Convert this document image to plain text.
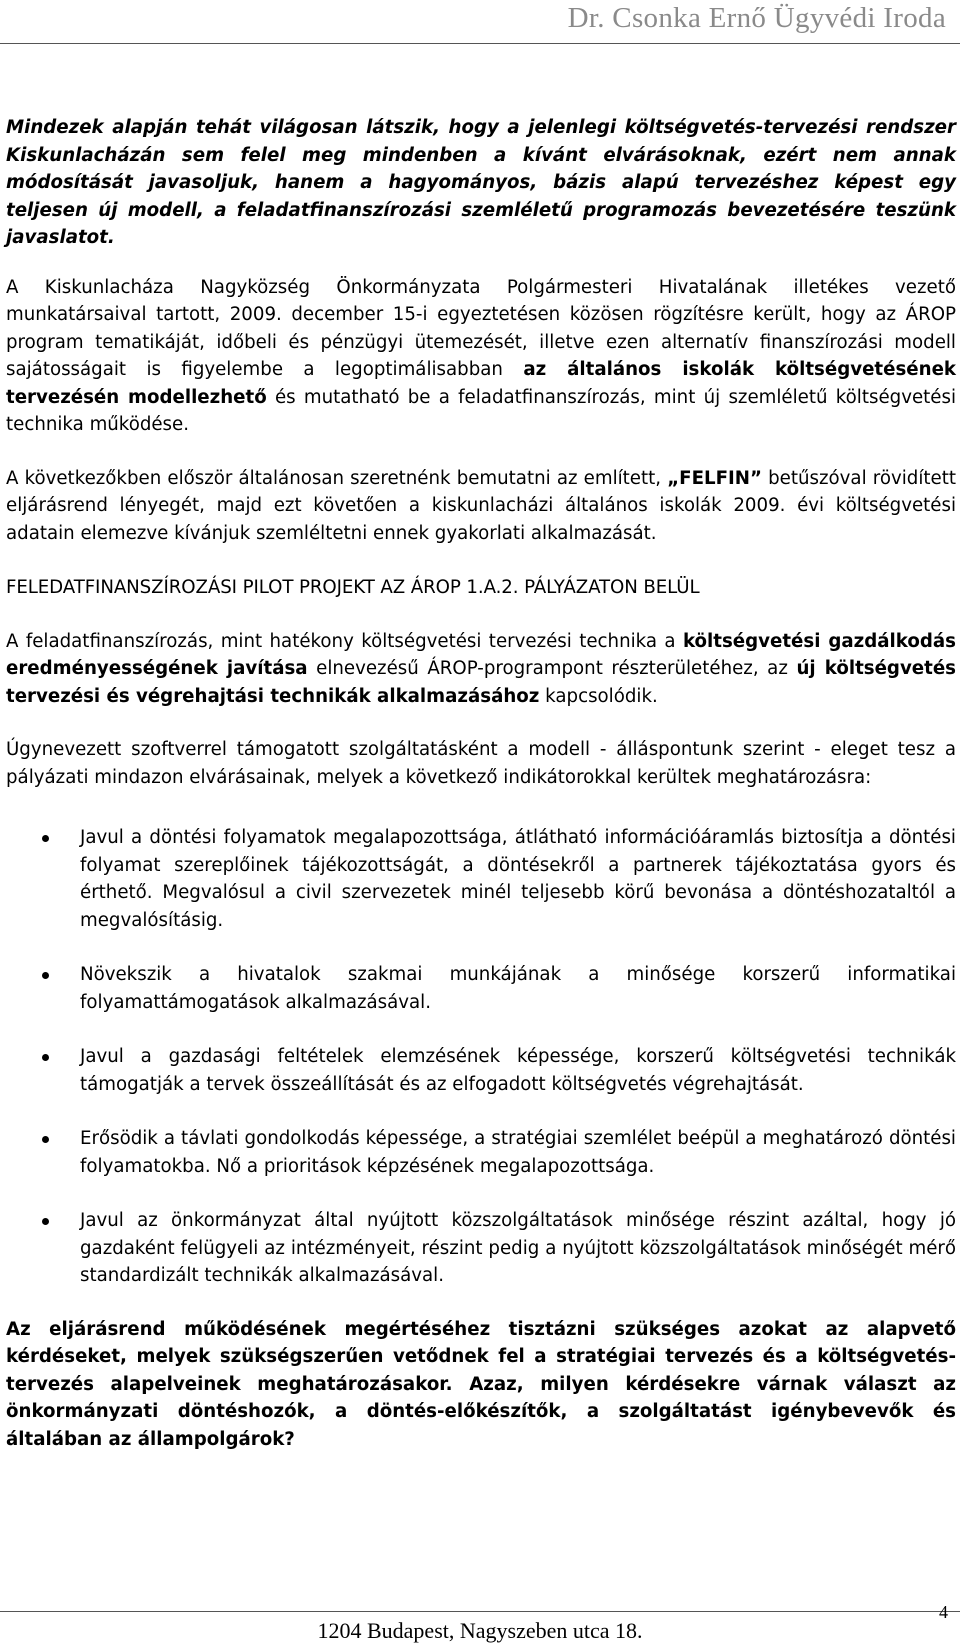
Dr. Csonka Ernő Ügyvédi Iroda

Mindezek alapján tehát világosan látszik, hogy a jelenlegi költségvetés-tervezési rendszer Kiskunlacházán sem felel meg mindenben a kívánt elvárásoknak, ezért nem annak módosítását javasoljuk, hanem a hagyományos, bázis alapú tervezéshez képest egy teljesen új modell, a feladatfinanszírozási szemléletű programozás bevezetésére teszünk javaslatot.

A Kiskunlacháza Nagyközség Önkormányzata Polgármesteri Hivatalának illetékes vezető munkatársaival tartott, 2009. december 15-i egyeztetésen közösen rögzítésre került, hogy az ÁROP program tematikáját, időbeli és pénzügyi ütemezését, illetve ezen alternatív finanszírozási modell sajátosságait is figyelembe a legoptimálisabban az általános iskolák költségvetésének tervezésén modellezhető és mutatható be a feladatfinanszírozás, mint új szemléletű költségvetési technika működése.

A következőkben először általánosan szeretnénk bemutatni az említett, „FELFIN” betűszóval rövidített eljárásrend lényegét, majd ezt követően a kiskunlacházi általános iskolák 2009. évi költségvetési adatain elemezve kívánjuk szemléltetni ennek gyakorlati alkalmazását.

FELEDATFINANSZÍROZÁSI PILOT PROJEKT AZ ÁROP 1.A.2. PÁLYÁZATON BELÜL

A feladatfinanszírozás, mint hatékony költségvetési tervezési technika a költségvetési gazdálkodás eredményességének javítása elnevezésű ÁROP-programpont részterületéhez, az új költségvetés tervezési és végrehajtási technikák alkalmazásához kapcsolódik.

Úgynevezett szoftverrel támogatott szolgáltatásként a modell - álláspontunk szerint - eleget tesz a pályázati mindazon elvárásainak, melyek a következő indikátorokkal kerültek meghatározásra:

Javul a döntési folyamatok megalapozottsága, átlátható információáramlás biztosítja a döntési folyamat szereplőinek tájékozottságát, a döntésekről a partnerek tájékoztatása gyors és érthető. Megvalósul a civil szervezetek minél teljesebb körű bevonása a döntéshozataltól a megvalósításig.
Növekszik a hivatalok szakmai munkájának a minősége korszerű informatikai folyamattámogatások alkalmazásával.
Javul a gazdasági feltételek elemzésének képessége, korszerű költségvetési technikák támogatják a tervek összeállítását és az elfogadott költségvetés végrehajtását.
Erősödik a távlati gondolkodás képessége, a stratégiai szemlélet beépül a meghatározó döntési folyamatokba. Nő a prioritások képzésének megalapozottsága.
Javul az önkormányzat által nyújtott közszolgáltatások minősége részint azáltal, hogy jó gazdaként felügyeli az intézményeit, részint pedig a nyújtott közszolgáltatások minőségét mérő standardizált technikák alkalmazásával.

Az eljárásrend működésének megértéséhez tisztázni szükséges azokat az alapvető kérdéseket, melyek szükségszerűen vetődnek fel a stratégiai tervezés és a költségvetés-tervezés alapelveinek meghatározásakor. Azaz, milyen kérdésekre várnak választ az önkormányzati döntéshozók, a döntés-előkészítők, a szolgáltatást igénybevevők és általában az állampolgárok?

1204 Budapest, Nagyszeben utca 18.
4
